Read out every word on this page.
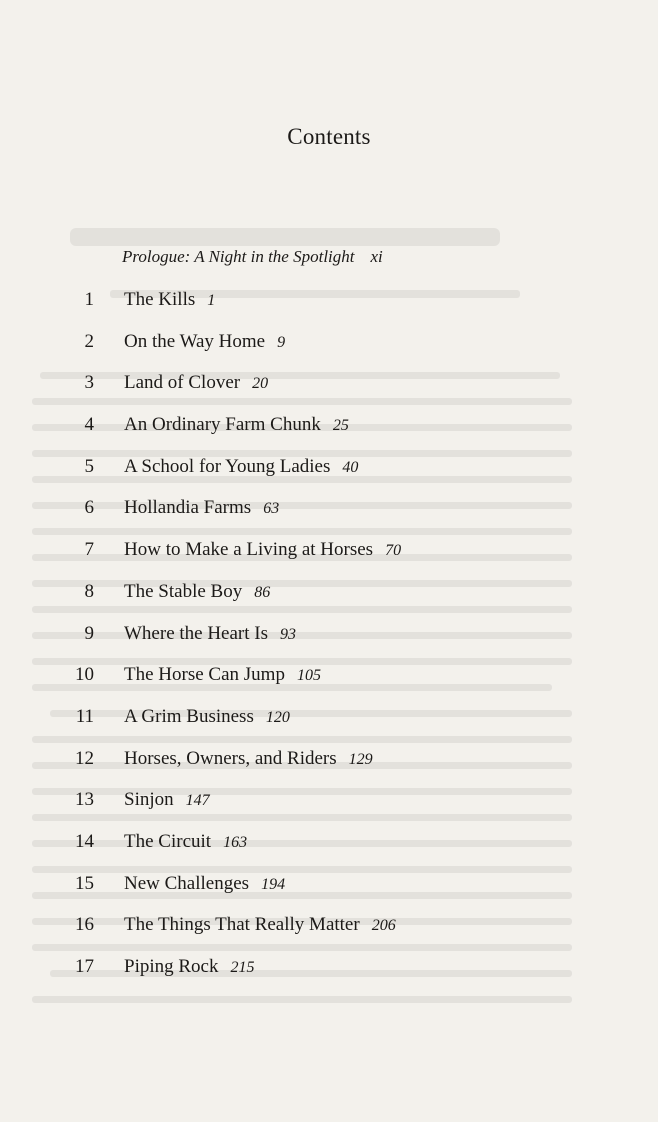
Contents
Prologue: A Night in the Spotlight xi
1 The Kills 1
2 On the Way Home 9
3 Land of Clover 20
4 An Ordinary Farm Chunk 25
5 A School for Young Ladies 40
6 Hollandia Farms 63
7 How to Make a Living at Horses 70
8 The Stable Boy 86
9 Where the Heart Is 93
10 The Horse Can Jump 105
11 A Grim Business 120
12 Horses, Owners, and Riders 129
13 Sinjon 147
14 The Circuit 163
15 New Challenges 194
16 The Things That Really Matter 206
17 Piping Rock 215
